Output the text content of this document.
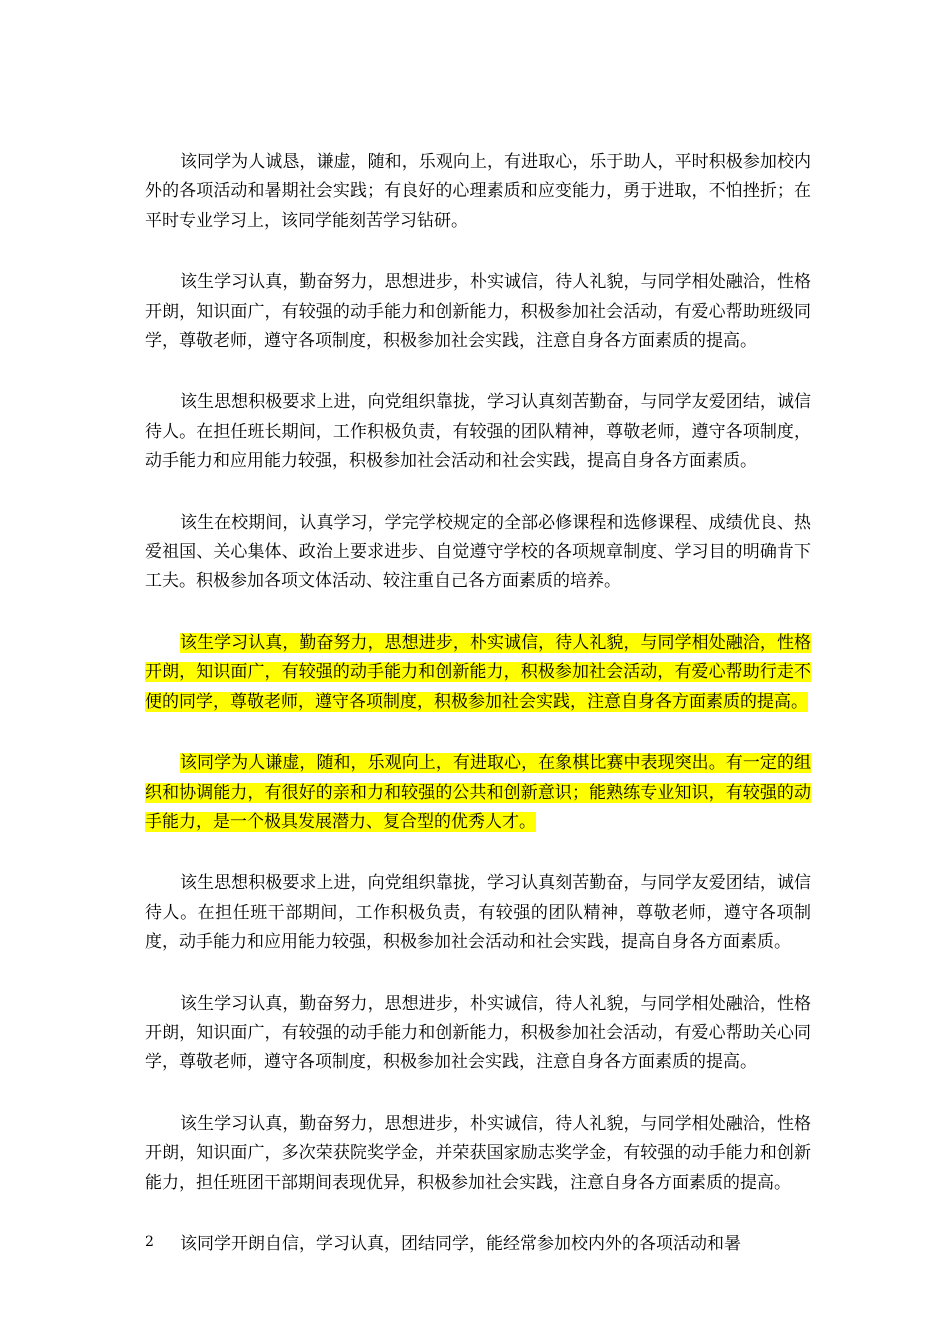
该同学为人诚恳，谦虚，随和，乐观向上，有进取心，乐于助人，平时积极参加校内外的各项活动和暑期社会实践；有良好的心理素质和应变能力，勇于进取，不怕挫折；在平时专业学习上，该同学能刻苦学习钻研。

该生学习认真，勤奋努力，思想进步，朴实诚信，待人礼貌，与同学相处融洽，性格开朗，知识面广，有较强的动手能力和创新能力，积极参加社会活动，有爱心帮助班级同学，尊敬老师，遵守各项制度，积极参加社会实践，注意自身各方面素质的提高。

该生思想积极要求上进，向党组织靠拢，学习认真刻苦勤奋，与同学友爱团结，诚信待人。在担任班长期间，工作积极负责，有较强的团队精神，尊敬老师，遵守各项制度，动手能力和应用能力较强，积极参加社会活动和社会实践，提高自身各方面素质。

该生在校期间，认真学习，学完学校规定的全部必修课程和选修课程、成绩优良、热爱祖国、关心集体、政治上要求进步、自觉遵守学校的各项规章制度、学习目的明确肯下工夫。积极参加各项文体活动、较注重自己各方面素质的培养。

该生学习认真，勤奋努力，思想进步，朴实诚信，待人礼貌，与同学相处融洽，性格开朗，知识面广，有较强的动手能力和创新能力，积极参加社会活动，有爱心帮助行走不便的同学，尊敬老师，遵守各项制度，积极参加社会实践，注意自身各方面素质的提高。

该同学为人谦虚，随和，乐观向上，有进取心，在象棋比赛中表现突出。有一定的组织和协调能力，有很好的亲和力和较强的公共和创新意识；能熟练专业知识，有较强的动手能力，是一个极具发展潜力、复合型的优秀人才。

该生思想积极要求上进，向党组织靠拢，学习认真刻苦勤奋，与同学友爱团结，诚信待人。在担任班干部期间，工作积极负责，有较强的团队精神，尊敬老师，遵守各项制度，动手能力和应用能力较强，积极参加社会活动和社会实践，提高自身各方面素质。

该生学习认真，勤奋努力，思想进步，朴实诚信，待人礼貌，与同学相处融洽，性格开朗，知识面广，有较强的动手能力和创新能力，积极参加社会活动，有爱心帮助关心同学，尊敬老师，遵守各项制度，积极参加社会实践，注意自身各方面素质的提高。

该生学习认真，勤奋努力，思想进步，朴实诚信，待人礼貌，与同学相处融洽，性格开朗，知识面广，多次荣获院奖学金，并荣获国家励志奖学金，有较强的动手能力和创新能力，担任班团干部期间表现优异，积极参加社会实践，注意自身各方面素质的提高。

该同学开朗自信，学习认真，团结同学，能经常参加校内外的各项活动和暑

2
